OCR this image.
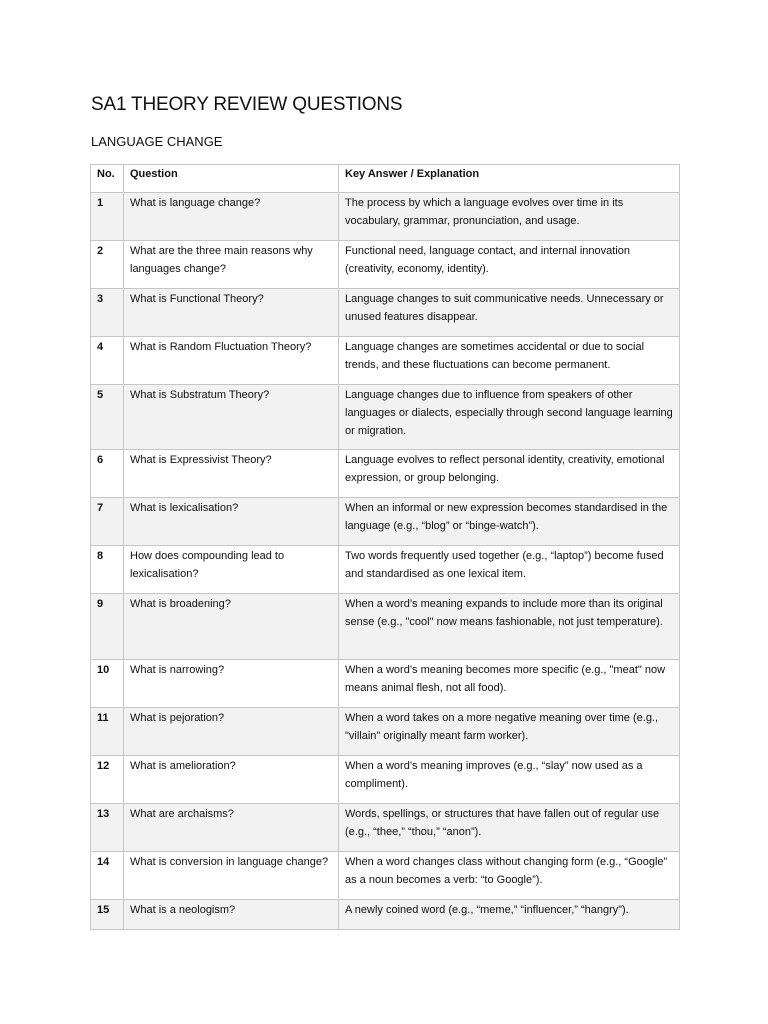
SA1 THEORY REVIEW QUESTIONS
LANGUAGE CHANGE
No.	Question	Key Answer / Explanation
1	What is language change?	The process by which a language evolves over time in its vocabulary, grammar, pronunciation, and usage.
2	What are the three main reasons why languages change?	Functional need, language contact, and internal innovation (creativity, economy, identity).
3	What is Functional Theory?	Language changes to suit communicative needs. Unnecessary or unused features disappear.
4	What is Random Fluctuation Theory?	Language changes are sometimes accidental or due to social trends, and these fluctuations can become permanent.
5	What is Substratum Theory?	Language changes due to influence from speakers of other languages or dialects, especially through second language learning or migration.
6	What is Expressivist Theory?	Language evolves to reflect personal identity, creativity, emotional expression, or group belonging.
7	What is lexicalisation?	When an informal or new expression becomes standardised in the language (e.g., “blog” or “binge-watch”).
8	How does compounding lead to lexicalisation?	Two words frequently used together (e.g., “laptop”) become fused and standardised as one lexical item.
9	What is broadening?	When a word’s meaning expands to include more than its original sense (e.g., "cool" now means fashionable, not just temperature).
10	What is narrowing?	When a word’s meaning becomes more specific (e.g., "meat" now means animal flesh, not all food).
11	What is pejoration?	When a word takes on a more negative meaning over time (e.g., "villain" originally meant farm worker).
12	What is amelioration?	When a word’s meaning improves (e.g., “slay” now used as a compliment).
13	What are archaisms?	Words, spellings, or structures that have fallen out of regular use (e.g., “thee,” “thou,” “anon”).
14	What is conversion in language change?	When a word changes class without changing form (e.g., “Google” as a noun becomes a verb: “to Google”).
15	What is a neologism?	A newly coined word (e.g., “meme,” “influencer,” “hangry”).
